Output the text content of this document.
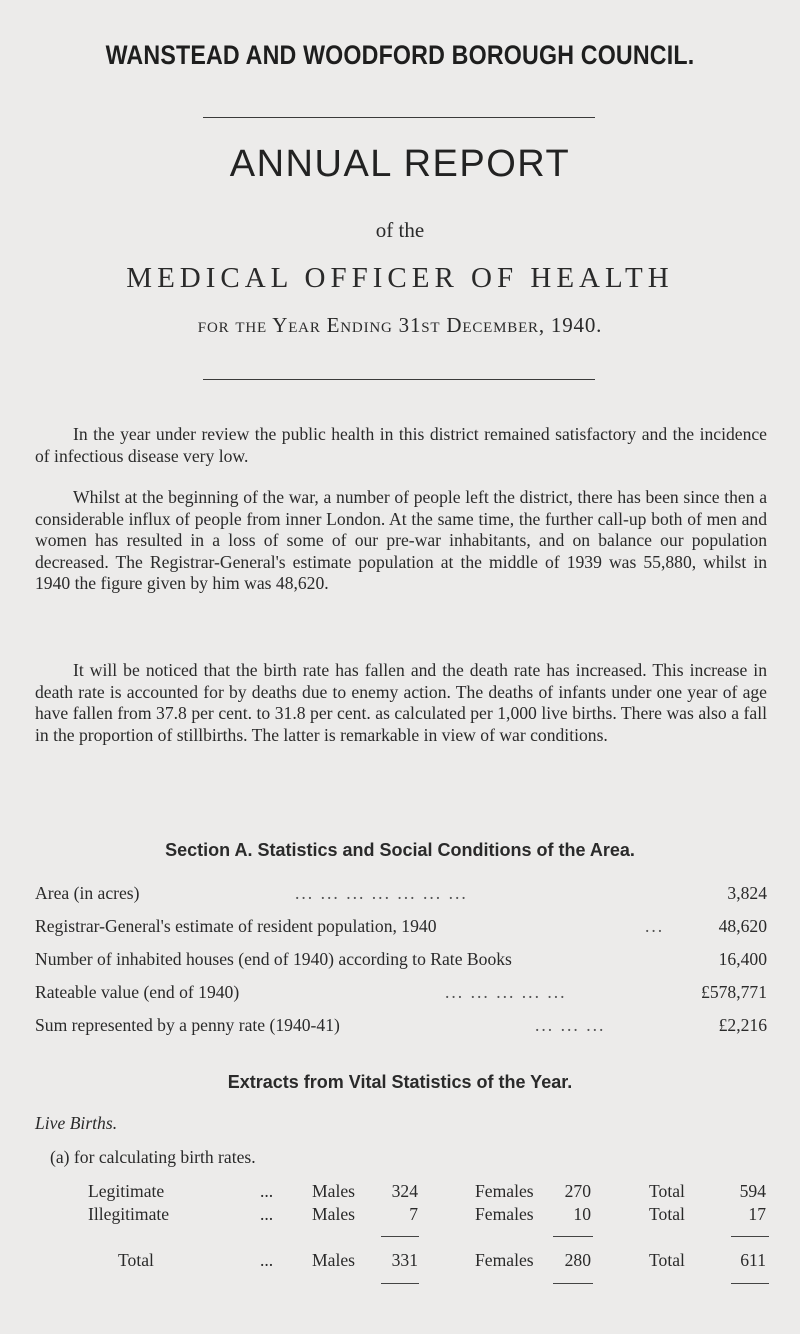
WANSTEAD AND WOODFORD BOROUGH COUNCIL.
ANNUAL REPORT
of the
MEDICAL OFFICER OF HEALTH
for the Year Ending 31st December, 1940.

In the year under review the public health in this district remained satisfactory and the incidence of infectious disease very low.

Whilst at the beginning of the war, a number of people left the district, there has been since then a considerable influx of people from inner London. At the same time, the further call-up both of men and women has resulted in a loss of some of our pre-war inhabitants, and on balance our population decreased. The Registrar-General's estimate population at the middle of 1939 was 55,880, whilst in 1940 the figure given by him was 48,620.

It will be noticed that the birth rate has fallen and the death rate has increased. This increase in death rate is accounted for by deaths due to enemy action. The deaths of infants under one year of age have fallen from 37.8 per cent. to 31.8 per cent. as calculated per 1,000 live births. There was also a fall in the proportion of stillbirths. The latter is remarkable in view of war conditions.

Section A. Statistics and Social Conditions of the Area.
Area (in acres)	... ... ... ... ... ... ...	3,824
Registrar-General's estimate of resident population, 1940	...	48,620
Number of inhabited houses (end of 1940) according to Rate Books	16,400
Rateable value (end of 1940)	... ... ... ... ...	£578,771
Sum represented by a penny rate (1940-41)	... ... ...	£2,216
Extracts from Vital Statistics of the Year.
Live Births.
(a) for calculating birth rates.
Legitimate	... Males 324	Females 270	Total	594
Illegitimate	... Males	7	Females 10	Total	17
Total	... Males 331	Females 280	Total	611
